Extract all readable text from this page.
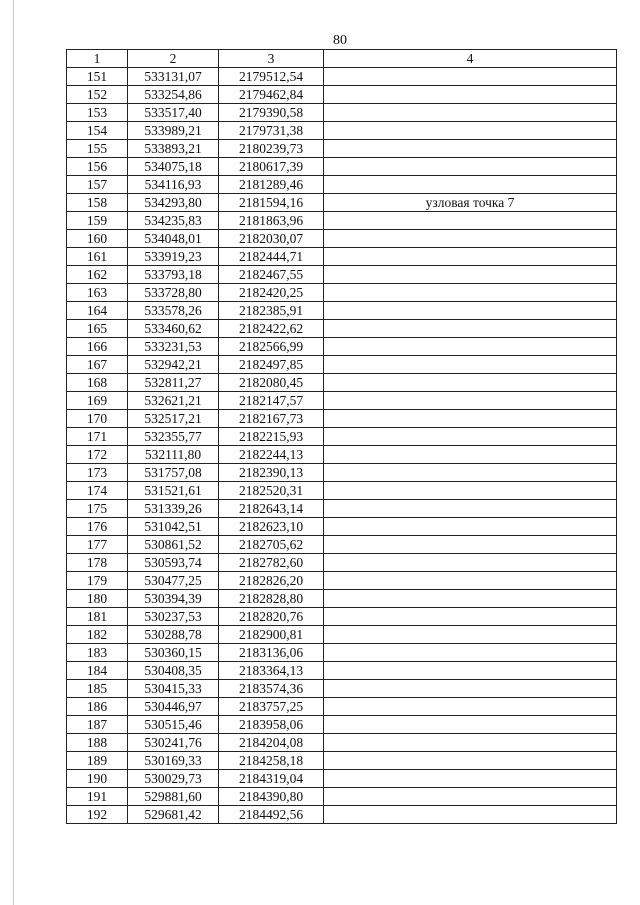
80
1	2	3	4
151	533131,07	2179512,54	
152	533254,86	2179462,84	
153	533517,40	2179390,58	
154	533989,21	2179731,38	
155	533893,21	2180239,73	
156	534075,18	2180617,39	
157	534116,93	2181289,46	
158	534293,80	2181594,16	узловая точка 7
159	534235,83	2181863,96	
160	534048,01	2182030,07	
161	533919,23	2182444,71	
162	533793,18	2182467,55	
163	533728,80	2182420,25	
164	533578,26	2182385,91	
165	533460,62	2182422,62	
166	533231,53	2182566,99	
167	532942,21	2182497,85	
168	532811,27	2182080,45	
169	532621,21	2182147,57	
170	532517,21	2182167,73	
171	532355,77	2182215,93	
172	532111,80	2182244,13	
173	531757,08	2182390,13	
174	531521,61	2182520,31	
175	531339,26	2182643,14	
176	531042,51	2182623,10	
177	530861,52	2182705,62	
178	530593,74	2182782,60	
179	530477,25	2182826,20	
180	530394,39	2182828,80	
181	530237,53	2182820,76	
182	530288,78	2182900,81	
183	530360,15	2183136,06	
184	530408,35	2183364,13	
185	530415,33	2183574,36	
186	530446,97	2183757,25	
187	530515,46	2183958,06	
188	530241,76	2184204,08	
189	530169,33	2184258,18	
190	530029,73	2184319,04	
191	529881,60	2184390,80	
192	529681,42	2184492,56	
